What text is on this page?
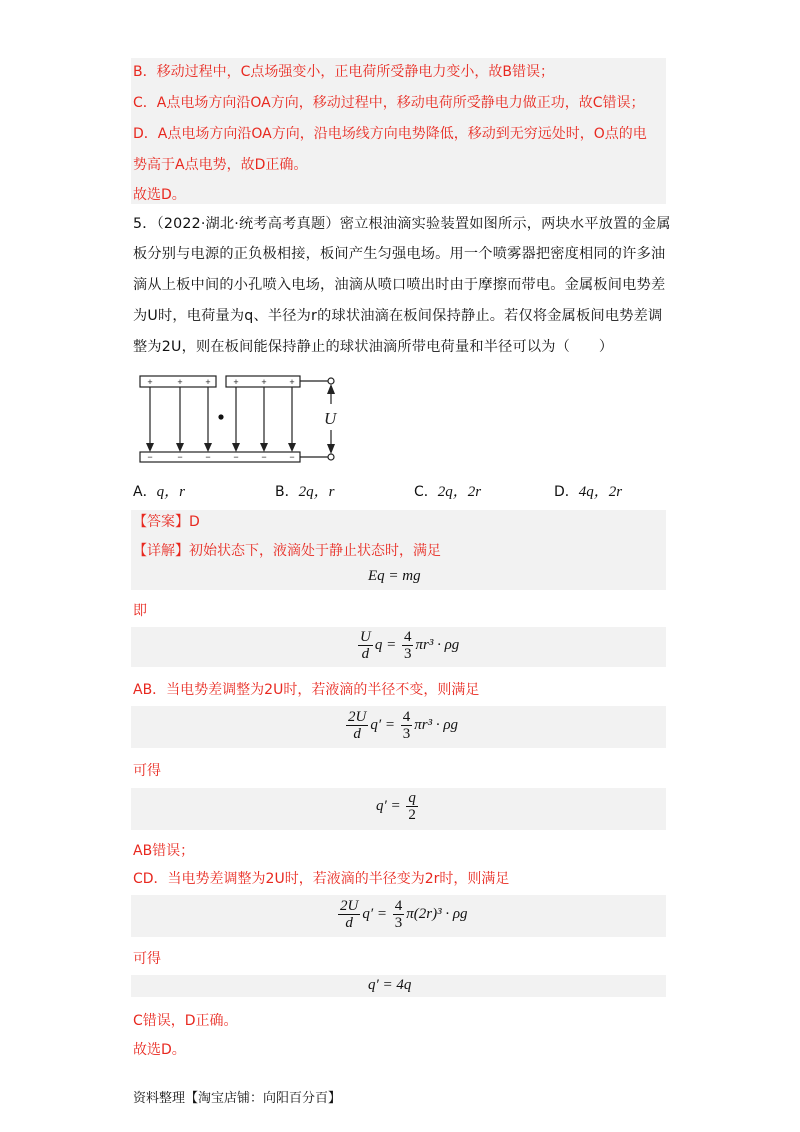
B．移动过程中，C点场强变小，正电荷所受静电力变小，故B错误；
C．A点电场方向沿OA方向，移动过程中，移动电荷所受静电力做正功，故C错误；
D．A点电场方向沿OA方向，沿电场线方向电势降低，移动到无穷远处时，O点的电
势高于A点电势，故D正确。
故选D。
5．（2022·湖北·统考高考真题）密立根油滴实验装置如图所示，两块水平放置的金属
板分别与电源的正负极相接，板间产生匀强电场。用一个喷雾器把密度相同的许多油
滴从上板中间的小孔喷入电场，油滴从喷口喷出时由于摩擦而带电。金属板间电势差
为U时，电荷量为q、半径为r的球状油滴在板间保持静止。若仅将金属板间电势差调
整为2U，则在板间能保持静止的球状油滴所带电荷量和半径可以为（　　）
+	+	+	+	+	+
−	−	−	−	−	−
U
A．q，r	B．2q，r	C．2q，2r	D．4q，2r
【答案】D
【详解】初始状态下，液滴处于静止状态时，满足
Eq = mg
即
$\frac{U}{d}$ $q = \frac{4}{3} \pi r^3 \cdot \rho g$
AB．当电势差调整为2U时，若液滴的半径不变，则满足
$\frac{2U}{d} q' = \frac{4}{3} \pi r^3 \cdot \rho g$
可得
$q' = \frac{q}{2}$
AB错误；
CD．当电势差调整为2U时，若液滴的半径变为2r时，则满足
$\frac{2U}{d} q' = \frac{4}{3} \pi(2r)^3 \cdot \rho g$
可得
q′ = 4q
C错误，D正确。
故选D。
资料整理【淘宝店铺：向阳百分百】
